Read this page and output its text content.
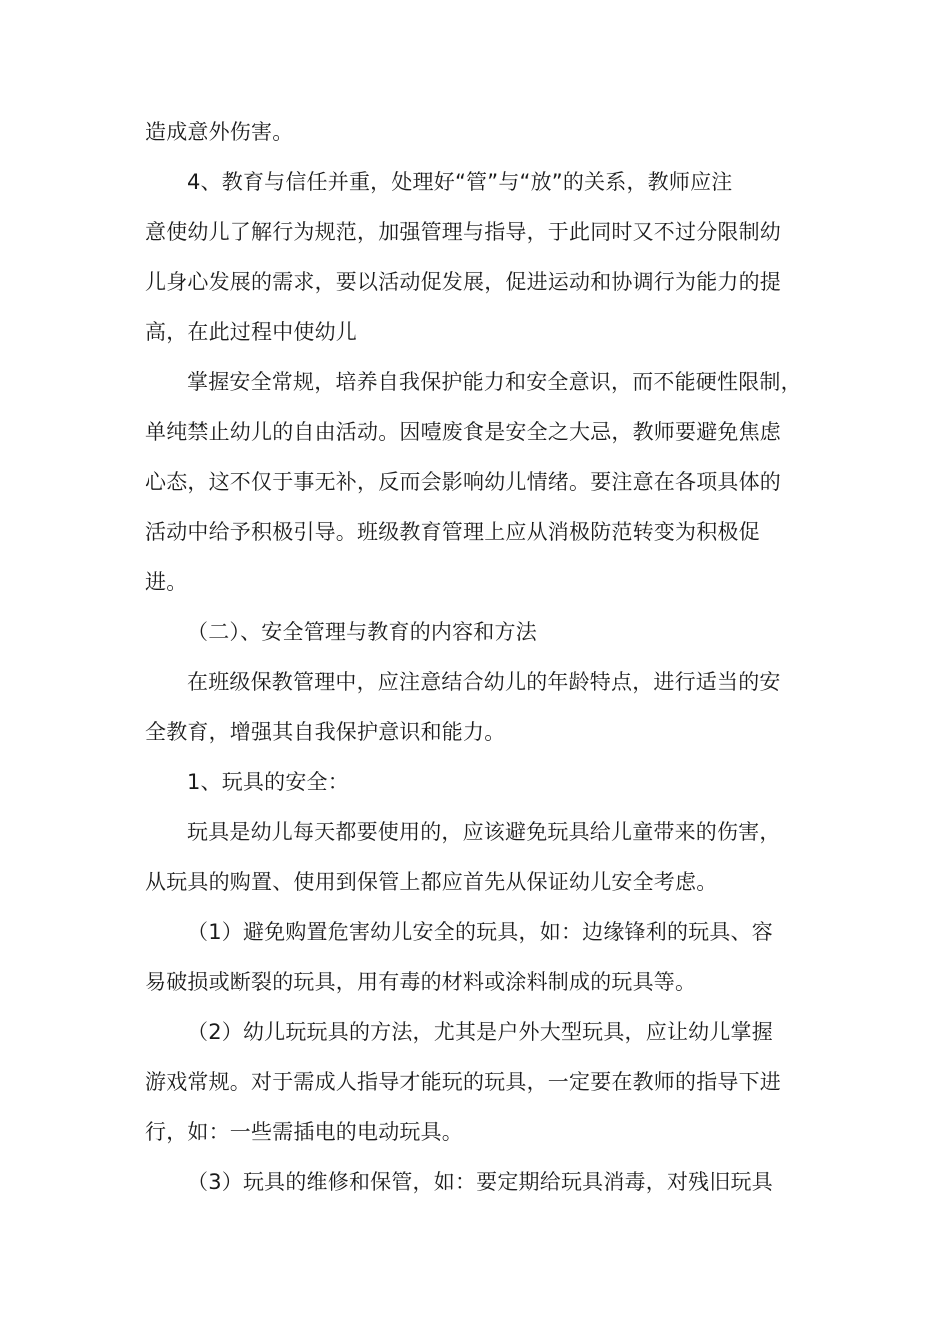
造成意外伤害。
4、教育与信任并重，处理好“管”与“放”的关系，教师应注
意使幼儿了解行为规范，加强管理与指导，于此同时又不过分限制幼
儿身心发展的需求，要以活动促发展，促进运动和协调行为能力的提
高，在此过程中使幼儿
掌握安全常规，培养自我保护能力和安全意识，而不能硬性限制，
单纯禁止幼儿的自由活动。因噎废食是安全之大忌，教师要避免焦虑
心态，这不仅于事无补，反而会影响幼儿情绪。要注意在各项具体的
活动中给予积极引导。班级教育管理上应从消极防范转变为积极促
进。
（二）、安全管理与教育的内容和方法
在班级保教管理中，应注意结合幼儿的年龄特点，进行适当的安
全教育，增强其自我保护意识和能力。
1、玩具的安全：
玩具是幼儿每天都要使用的，应该避免玩具给儿童带来的伤害，
从玩具的购置、使用到保管上都应首先从保证幼儿安全考虑。
（1）避免购置危害幼儿安全的玩具，如：边缘锋利的玩具、容
易破损或断裂的玩具，用有毒的材料或涂料制成的玩具等。
（2）幼儿玩玩具的方法，尤其是户外大型玩具，应让幼儿掌握
游戏常规。对于需成人指导才能玩的玩具，一定要在教师的指导下进
行，如：一些需插电的电动玩具。
（3）玩具的维修和保管，如：要定期给玩具消毒，对残旧玩具
